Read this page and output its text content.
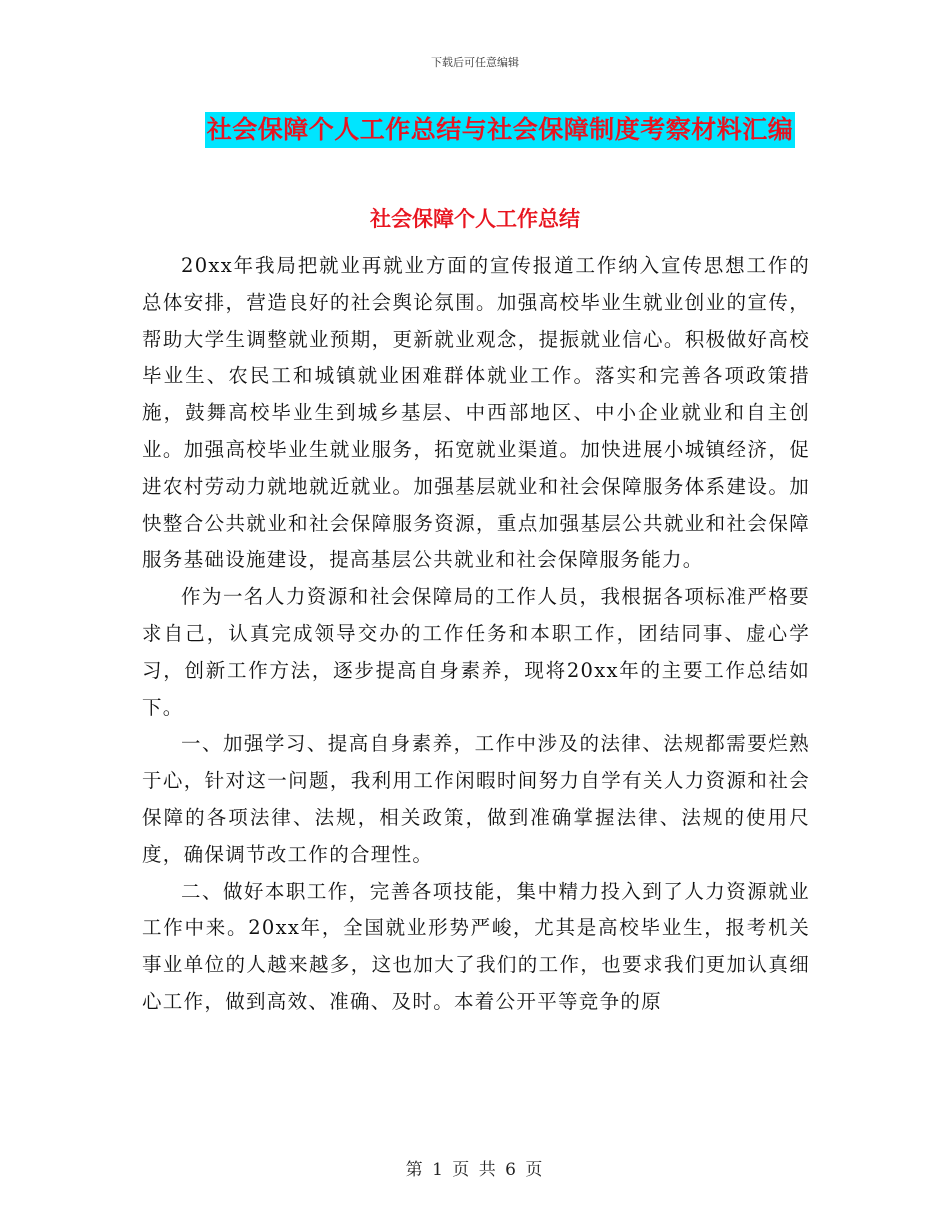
下载后可任意编辑
社会保障个人工作总结与社会保障制度考察材料汇编
社会保障个人工作总结

20xx年我局把就业再就业方面的宣传报道工作纳入宣传思想工作的总体安排，营造良好的社会舆论氛围。加强高校毕业生就业创业的宣传，帮助大学生调整就业预期，更新就业观念，提振就业信心。积极做好高校毕业生、农民工和城镇就业困难群体就业工作。落实和完善各项政策措施，鼓舞高校毕业生到城乡基层、中西部地区、中小企业就业和自主创业。加强高校毕业生就业服务，拓宽就业渠道。加快进展小城镇经济，促进农村劳动力就地就近就业。加强基层就业和社会保障服务体系建设。加快整合公共就业和社会保障服务资源，重点加强基层公共就业和社会保障服务基础设施建设，提高基层公共就业和社会保障服务能力。

作为一名人力资源和社会保障局的工作人员，我根据各项标准严格要求自己，认真完成领导交办的工作任务和本职工作，团结同事、虚心学习，创新工作方法，逐步提高自身素养，现将20xx年的主要工作总结如下。

一、加强学习、提高自身素养，工作中涉及的法律、法规都需要烂熟于心，针对这一问题，我利用工作闲暇时间努力自学有关人力资源和社会保障的各项法律、法规，相关政策，做到准确掌握法律、法规的使用尺度，确保调节改工作的合理性。

二、做好本职工作，完善各项技能，集中精力投入到了人力资源就业工作中来。20xx年，全国就业形势严峻，尤其是高校毕业生，报考机关事业单位的人越来越多，这也加大了我们的工作，也要求我们更加认真细心工作，做到高效、准确、及时。本着公开平等竞争的原

第 1 页 共 6 页
